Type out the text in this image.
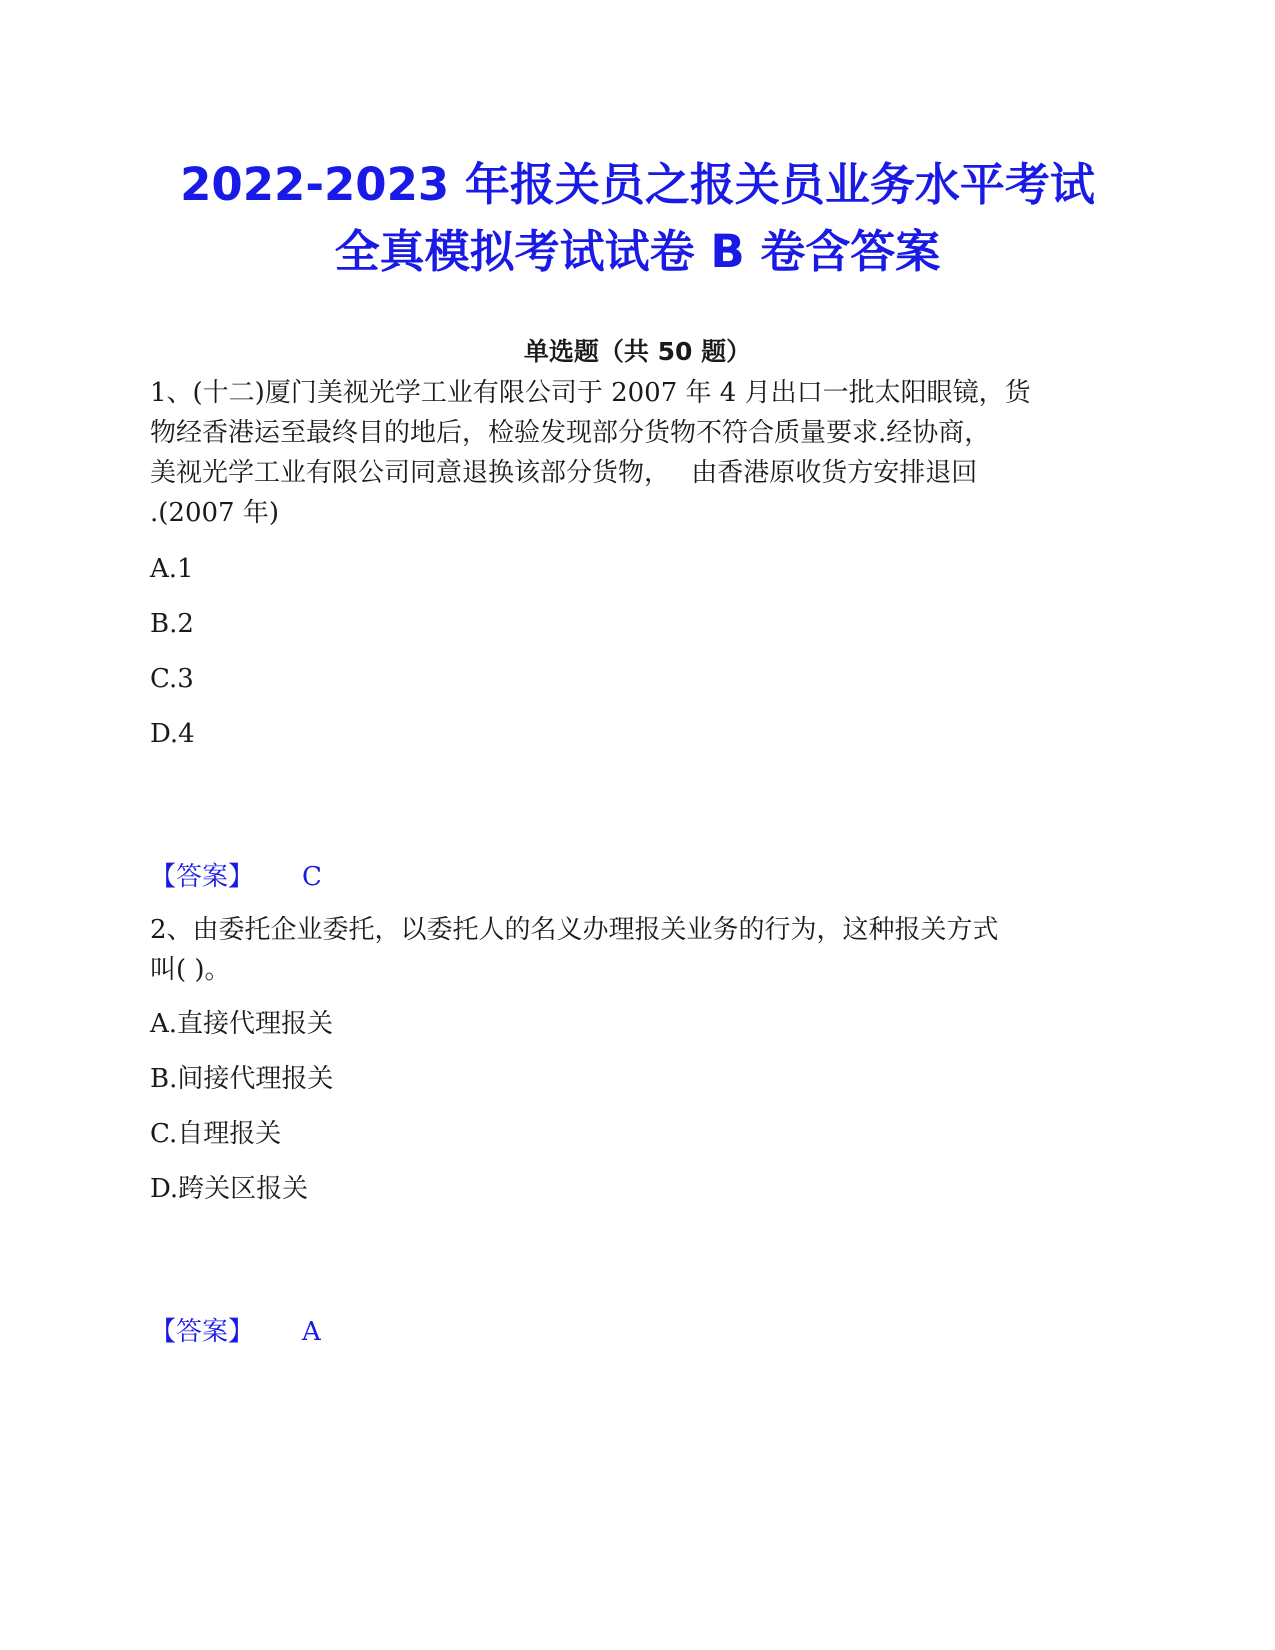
2022-2023 年报关员之报关员业务水平考试
全真模拟考试试卷 B 卷含答案
单选题（共 50 题）
1、(十二)厦门美视光学工业有限公司于 2007 年 4 月出口一批太阳眼镜，货
物经香港运至最终目的地后，检验发现部分货物不符合质量要求.经协商，
美视光学工业有限公司同意退换该部分货物，　 由香港原收货方安排退回
.(2007 年)
A.1
B.2
C.3
D.4
【答案】 C
2、由委托企业委托，以委托人的名义办理报关业务的行为，这种报关方式
叫( )。
A.直接代理报关
B.间接代理报关
C.自理报关
D.跨关区报关
【答案】 A
